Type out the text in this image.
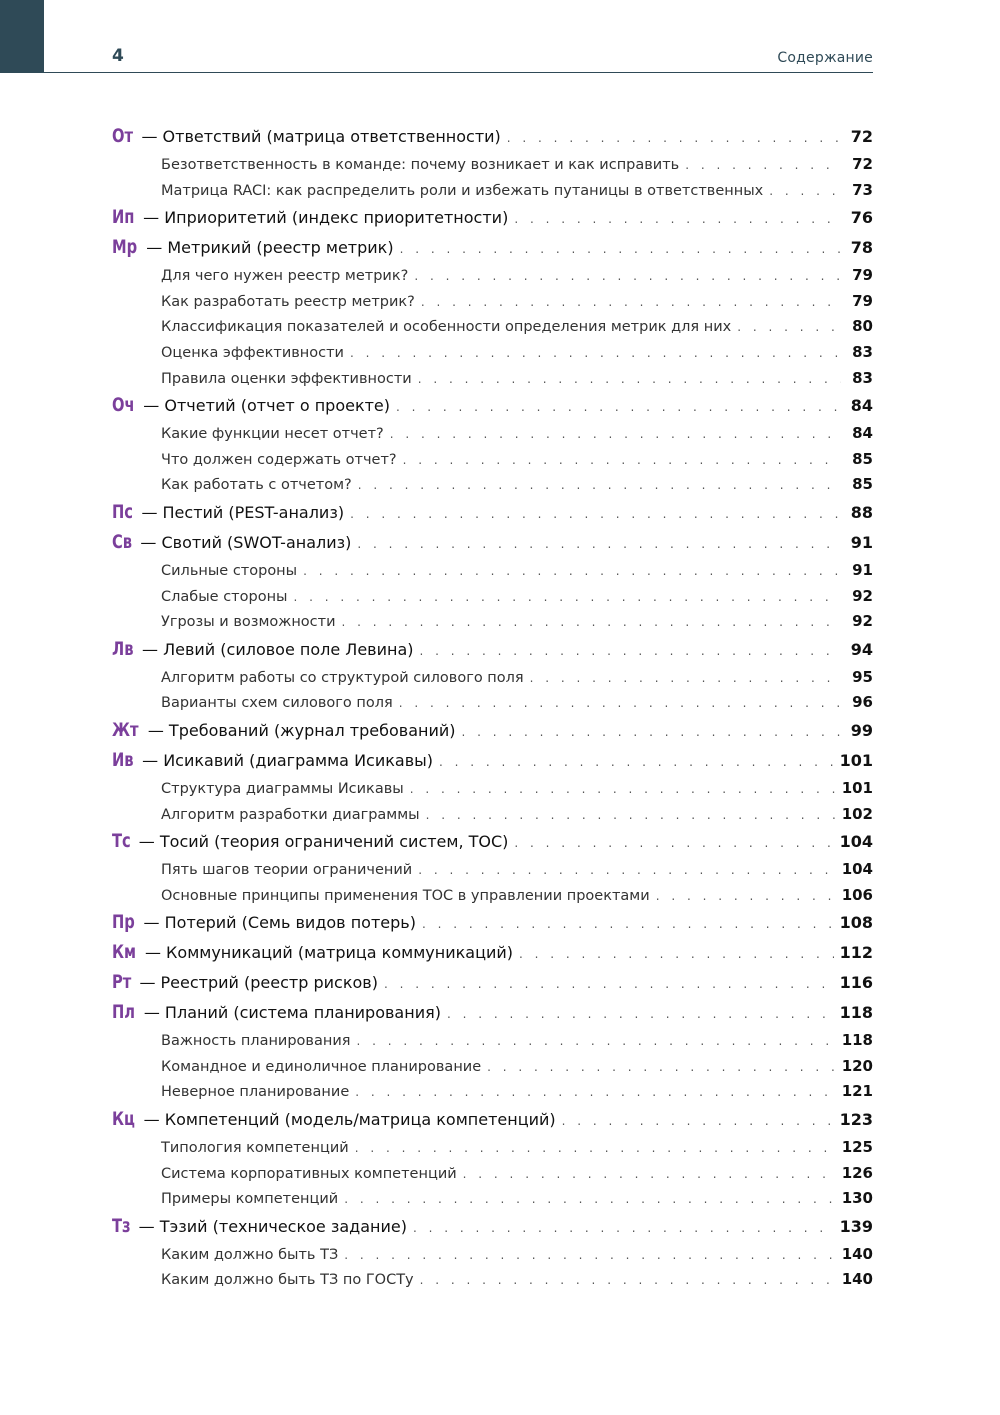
4	Содержание
От — Ответствий (матрица ответственности) . . .	72
Безответственность в команде: почему возникает и как исправить . . .	72
Матрица RACI: как распределить роли и избежать путаницы в ответственных . . .	73
Ип — Иприоритетий (индекс приоритетности) . . .	76
Мр — Метрикий (реестр метрик) . . .	78
Для чего нужен реестр метрик? . . .	79
Как разработать реестр метрик? . . .	79
Классификация показателей и особенности определения метрик для них . . .	80
Оценка эффективности . . .	83
Правила оценки эффективности . . .	83
Оч — Отчетий (отчет о проекте) . . .	84
Какие функции несет отчет? . . .	84
Что должен содержать отчет? . . .	85
Как работать с отчетом? . . .	85
Пс — Пестий (PEST-анализ) . . .	88
Св — Свотий (SWOT-анализ) . . .	91
Сильные стороны . . .	91
Слабые стороны . . .	92
Угрозы и возможности . . .	92
Лв — Левий (силовое поле Левина) . . .	94
Алгоритм работы со структурой силового поля . . .	95
Варианты схем силового поля . . .	96
Жт — Требований (журнал требований) . . .	99
Ив — Исикавий (диаграмма Исикавы) . . .	101
Структура диаграммы Исикавы . . .	101
Алгоритм разработки диаграммы . . .	102
Тс — Тосий (теория ограничений систем, ТОС) . . .	104
Пять шагов теории ограничений . . .	104
Основные принципы применения ТОС в управлении проектами . . .	106
Пр — Потерий (Семь видов потерь) . . .	108
Км — Коммуникаций (матрица коммуникаций) . . .	112
Рт — Реестрий (реестр рисков) . . .	116
Пл — Планий (система планирования) . . .	118
Важность планирования . . .	118
Командное и единоличное планирование . . .	120
Неверное планирование . . .	121
Кц — Компетенций (модель/матрица компетенций) . . .	123
Типология компетенций . . .	125
Система корпоративных компетенций . . .	126
Примеры компетенций . . .	130
Тз — Тэзий (техническое задание) . . .	139
Каким должно быть ТЗ . . .	140
Каким должно быть ТЗ по ГОСТу . . .	140
